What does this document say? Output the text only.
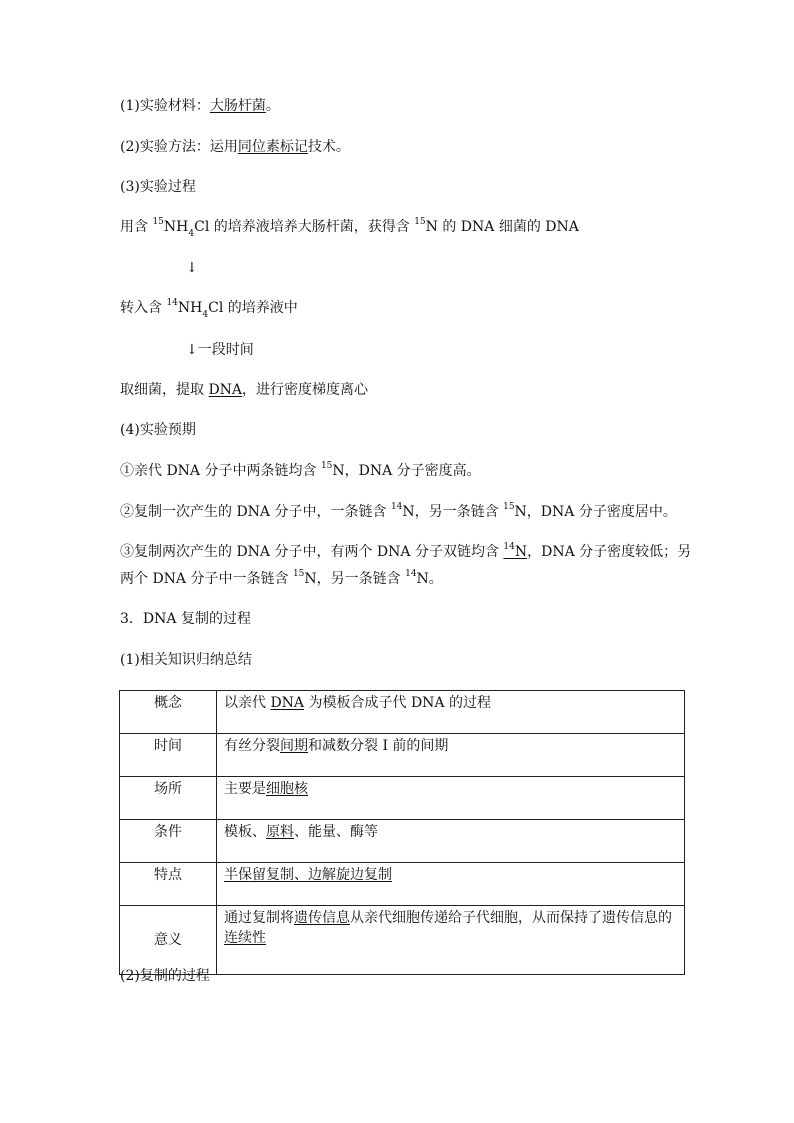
(1)实验材料：大肠杆菌。
(2)实验方法：运用同位素标记技术。
(3)实验过程
用含 $^{15}NH_4Cl$ 的培养液培养大肠杆菌，获得含 $^{15}$N 的 DNA 细菌的 DNA
↓
转入含 $^{14}NH_4Cl$ 的培养液中
↓一段时间
取细菌，提取 DNA，进行密度梯度离心
(4)实验预期
①亲代 DNA 分子中两条链均含 $^{15}$N，DNA 分子密度高。
②复制一次产生的 DNA 分子中，一条链含 $^{14}$N，另一条链含 $^{15}$N，DNA 分子密度居中。
③复制两次产生的 DNA 分子中，有两个 DNA 分子双链均含 $^{14}$N，DNA 分子密度较低；另
两个 DNA 分子中一条链含 $^{15}$N，另一条链含 $^{14}$N。
3．DNA 复制的过程
(1)相关知识归纳总结
概念	以亲代 DNA 为模板合成子代 DNA 的过程
时间	有丝分裂间期和减数分裂 Ⅰ 前的间期
场所	主要是细胞核
条件	模板、原料、能量、酶等
特点	半保留复制、边解旋边复制
意义	通过复制将遗传信息从亲代细胞传递给子代细胞，从而保持了遗传信息的
连续性
(2)复制的过程
